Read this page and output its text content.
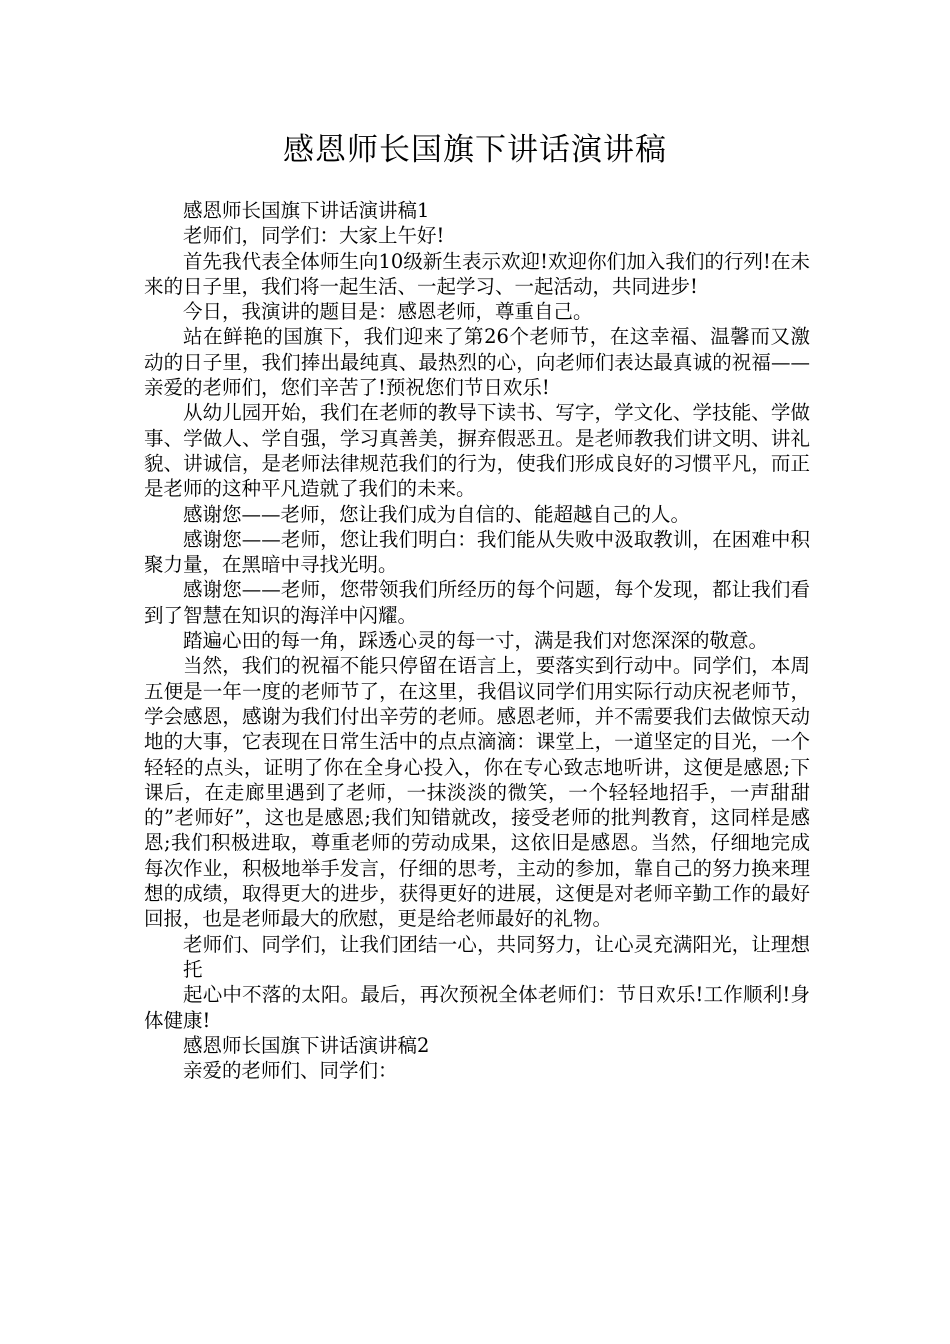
感恩师长国旗下讲话演讲稿

感恩师长国旗下讲话演讲稿1

老师们，同学们：大家上午好!

首先我代表全体师生向10级新生表示欢迎!欢迎你们加入我们的行列!在未来的日子里，我们将一起生活、一起学习、一起活动，共同进步!

今日，我演讲的题目是：感恩老师，尊重自己。

站在鲜艳的国旗下，我们迎来了第26个老师节，在这幸福、温馨而又激动的日子里，我们捧出最纯真、最热烈的心，向老师们表达最真诚的祝福——亲爱的老师们，您们辛苦了!预祝您们节日欢乐!

从幼儿园开始，我们在老师的教导下读书、写字，学文化、学技能、学做事、学做人、学自强，学习真善美，摒弃假恶丑。是老师教我们讲文明、讲礼貌、讲诚信，是老师法律规范我们的行为，使我们形成良好的习惯平凡，而正是老师的这种平凡造就了我们的未来。

感谢您——老师，您让我们成为自信的、能超越自己的人。

感谢您——老师，您让我们明白：我们能从失败中汲取教训，在困难中积聚力量，在黑暗中寻找光明。

感谢您——老师，您带领我们所经历的每个问题，每个发现，都让我们看到了智慧在知识的海洋中闪耀。

踏遍心田的每一角，踩透心灵的每一寸，满是我们对您深深的敬意。

当然，我们的祝福不能只停留在语言上，要落实到行动中。同学们，本周五便是一年一度的老师节了，在这里，我倡议同学们用实际行动庆祝老师节，学会感恩，感谢为我们付出辛劳的老师。感恩老师，并不需要我们去做惊天动地的大事，它表现在日常生活中的点点滴滴：课堂上，一道坚定的目光，一个轻轻的点头，证明了你在全身心投入，你在专心致志地听讲，这便是感恩;下课后，在走廊里遇到了老师，一抹淡淡的微笑，一个轻轻地招手，一声甜甜的”老师好”，这也是感恩;我们知错就改，接受老师的批判教育，这同样是感恩;我们积极进取，尊重老师的劳动成果，这依旧是感恩。当然，仔细地完成每次作业，积极地举手发言，仔细的思考，主动的参加，靠自己的努力换来理想的成绩，取得更大的进步，获得更好的进展，这便是对老师辛勤工作的最好回报，也是老师最大的欣慰，更是给老师最好的礼物。

老师们、同学们，让我们团结一心，共同努力，让心灵充满阳光，让理想托

起心中不落的太阳。最后，再次预祝全体老师们：节日欢乐!工作顺利!身体健康!

感恩师长国旗下讲话演讲稿2

亲爱的老师们、同学们：
